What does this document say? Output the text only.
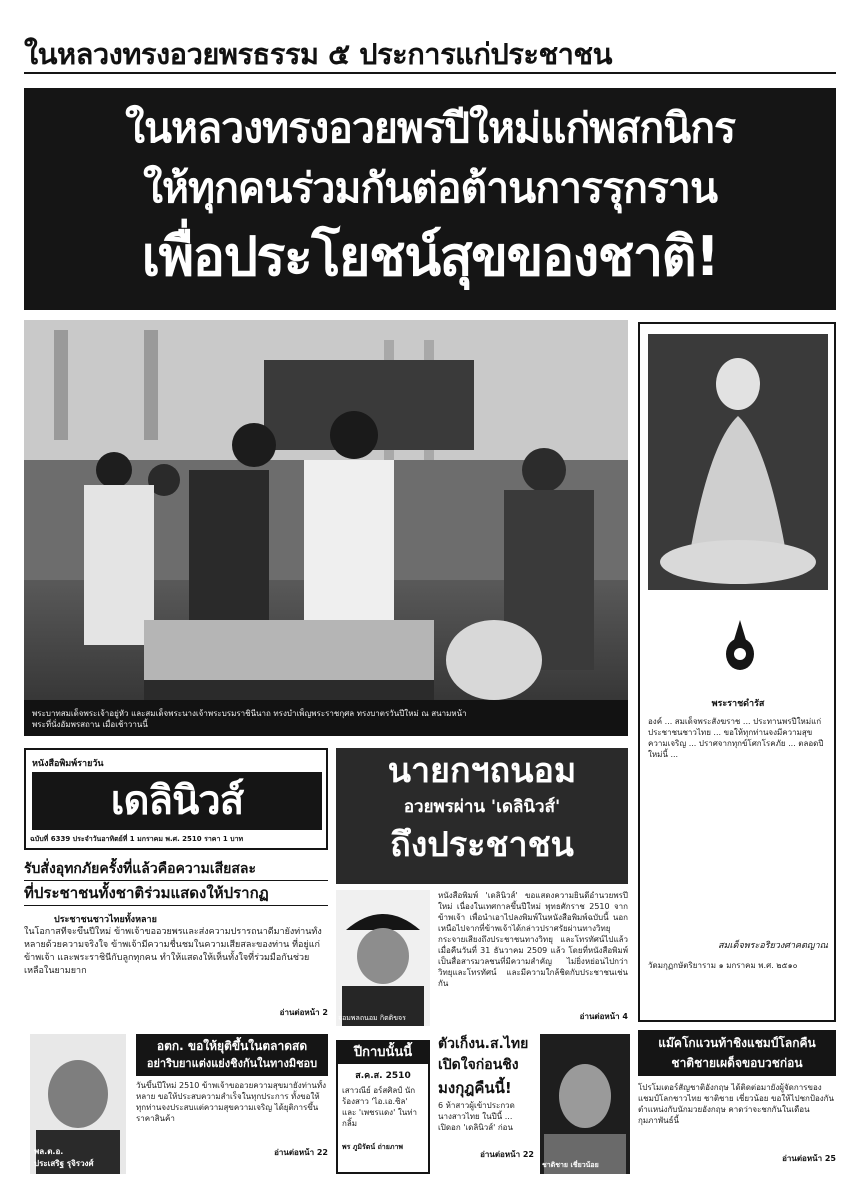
ในหลวงทรงอวยพรธรรม ๕ ประการแก่ประชาชน
ในหลวงทรงอวยพรปีใหม่แก่พสกนิกร
ให้ทุกคนร่วมกันต่อต้านการรุกราน
เพื่อประโยชน์สุขของชาติ!
พระบาทสมเด็จพระเจ้าอยู่หัว และสมเด็จพระนางเจ้าพระบรมราชินีนาถ ทรงบำเพ็ญพระราชกุศล ทรงบาตรวันปีใหม่ ณ สนามหน้าพระที่นั่งอัมพรสถาน เมื่อเช้าวานนี้
พระราชดำรัส
องค์ ... สมเด็จพระสังฆราช ... ประทานพรปีใหม่แก่ประชาชนชาวไทย ... ขอให้ทุกท่านจงมีความสุขความเจริญ ... ปราศจากทุกข์โศกโรคภัย ... ตลอดปีใหม่นี้ ...
สมเด็จพระอริยวงศาคตญาณ
วัดมกุฏกษัตริยาราม ๑ มกราคม พ.ศ. ๒๕๑๐
หนังสือพิมพ์รายวัน
เดลินิวส์
ฉบับที่ 6339 ประจำวันอาทิตย์ที่ 1 มกราคม พ.ศ. 2510 ราคา 1 บาท
นายกฯถนอม
อวยพรผ่าน 'เดลินิวส์'
ถึงประชาชน
รับสั่งอุทกภัยครั้งที่แล้วคือความเสียสละ
ที่ประชาชนทั้งชาติร่วมแสดงให้ปรากฏ
ประชาชนชาวไทยทั้งหลาย
ในโอกาสที่จะขึ้นปีใหม่ ข้าพเจ้าขออวยพรและส่งความปรารถนาดีมายังท่านทั้งหลายด้วยความจริงใจ ข้าพเจ้ามีความชื่นชมในความเสียสละของท่าน ที่อยู่แก่ข้าพเจ้า และพระราชินีกับลูกทุกคน ทำให้แสดงให้เห็นทั้งใจที่ร่วมมือกันช่วยเหลือในยามยาก
อ่านต่อหน้า 2
จอมพลถนอม กิตติขจร
หนังสือพิมพ์ 'เดลินิวส์' ขอแสดงความยินดีอำนวยพรปีใหม่ เนื่องในเทศกาลขึ้นปีใหม่ พุทธศักราช 2510 จากข้าพเจ้า เพื่อนำเอาไปลงพิมพ์ในหนังสือพิมพ์ฉบับนี้ นอกเหนือไปจากที่ข้าพเจ้าได้กล่าวปราศรัยผ่านทางวิทยุกระจายเสียงถึงประชาชนทางวิทยุ และโทรทัศน์ไปแล้วเมื่อคืนวันที่ 31 ธันวาคม 2509 แล้ว โดยที่หนังสือพิมพ์เป็นสื่อสารมวลชนที่มีความสำคัญ ไม่ยิ่งหย่อนไปกว่าวิทยุและโทรทัศน์ และมีความใกล้ชิดกับประชาชนเช่นกัน
อ่านต่อหน้า 4
พล.ต.อ.
ประเสริฐ รุจิรวงศ์
อตก. ขอให้ยุติขึ้นในตลาดสด
อย่าริบยาแต่งแย่งชิงกันในทางมิชอบ
วันขึ้นปีใหม่ 2510 ข้าพเจ้าขออวยความสุขมายังท่านทั้งหลาย ขอให้ประสบความสำเร็จในทุกประการ ทั้งขอให้ทุกท่านจงประสบแต่ความสุขความเจริญ ได้ยุติการขึ้นราคาสินค้า
อ่านต่อหน้า 22
ปีกาบนั้นนี้
ส.ค.ส. 2510
เสาวณีย์ อร์สศิลป์ นักร้องสาว 'ไอ.เอ.ซิล' และ 'เพชรแดง' ในท่ากลิ้ม
พร ภูมิรัตน์ ถ่ายภาพ
ตัวเก็งน.ส.ไทย
เปิดใจก่อนชิง
มงกุฎคืนนี้!
6 ห้าสาวผู้เข้าประกวดนางสาวไทย ในปีนี้ ... เปิดอก 'เดลินิวส์' ก่อน
อ่านต่อหน้า 22
ชาติชาย เชี่ยวน้อย
แม๊คโกแวนท้าชิงแชมป์โลกคืน
ชาติชายเผด็จขอบวชก่อน
โปรโมเตอร์สัญชาติอังกฤษ ได้ติดต่อมายังผู้จัดการของแชมป์โลกชาวไทย ชาติชาย เชี่ยวน้อย ขอให้ไปชกป้องกันตำแหน่งกับนักมวยอังกฤษ คาดว่าจะชกกันในเดือนกุมภาพันธ์นี้
อ่านต่อหน้า 25
